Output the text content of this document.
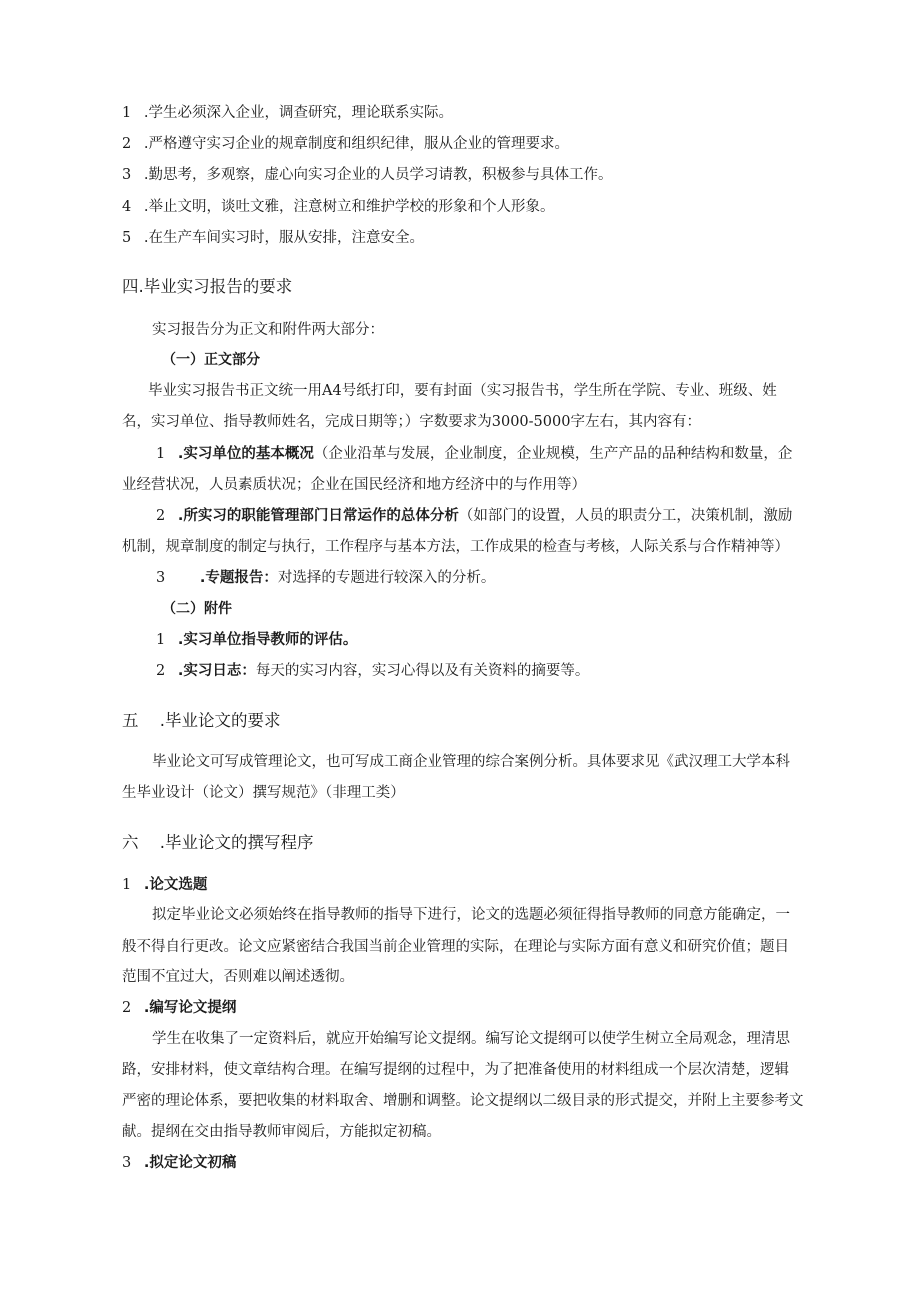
1 .学生必须深入企业，调查研究，理论联系实际。
2 .严格遵守实习企业的规章制度和组织纪律，服从企业的管理要求。
3 .勤思考，多观察，虚心向实习企业的人员学习请教，积极参与具体工作。
4 .举止文明，谈吐文雅，注意树立和维护学校的形象和个人形象。
5 .在生产车间实习时，服从安排，注意安全。
四.毕业实习报告的要求
实习报告分为正文和附件两大部分：
（一）正文部分
毕业实习报告书正文统一用A4号纸打印，要有封面（实习报告书，学生所在学院、专业、班级、姓
名，实习单位、指导教师姓名，完成日期等；）字数要求为3000-5000字左右，其内容有：
1 .实习单位的基本概况（企业沿革与发展，企业制度，企业规模，生产产品的品种结构和数量，企
业经营状况，人员素质状况；企业在国民经济和地方经济中的与作用等）
2 .所实习的职能管理部门日常运作的总体分析（如部门的设置，人员的职责分工，决策机制，激励
机制，规章制度的制定与执行，工作程序与基本方法，工作成果的检查与考核，人际关系与合作精神等）
3 .专题报告：对选择的专题进行较深入的分析。
（二）附件
1 .实习单位指导教师的评估。
2 .实习日志：每天的实习内容，实习心得以及有关资料的摘要等。
五 .毕业论文的要求
毕业论文可写成管理论文，也可写成工商企业管理的综合案例分析。具体要求见《武汉理工大学本科
生毕业设计（论文）撰写规范》（非理工类）
六 .毕业论文的撰写程序
1 .论文选题
拟定毕业论文必须始终在指导教师的指导下进行，论文的选题必须征得指导教师的同意方能确定，一
般不得自行更改。论文应紧密结合我国当前企业管理的实际，在理论与实际方面有意义和研究价值；题目
范围不宜过大，否则难以阐述透彻。
2 .编写论文提纲
学生在收集了一定资料后，就应开始编写论文提纲。编写论文提纲可以使学生树立全局观念，理清思
路，安排材料，使文章结构合理。在编写提纲的过程中，为了把准备使用的材料组成一个层次清楚，逻辑
严密的理论体系，要把收集的材料取舍、增删和调整。论文提纲以二级目录的形式提交，并附上主要参考文
献。提纲在交由指导教师审阅后，方能拟定初稿。
3 .拟定论文初稿
